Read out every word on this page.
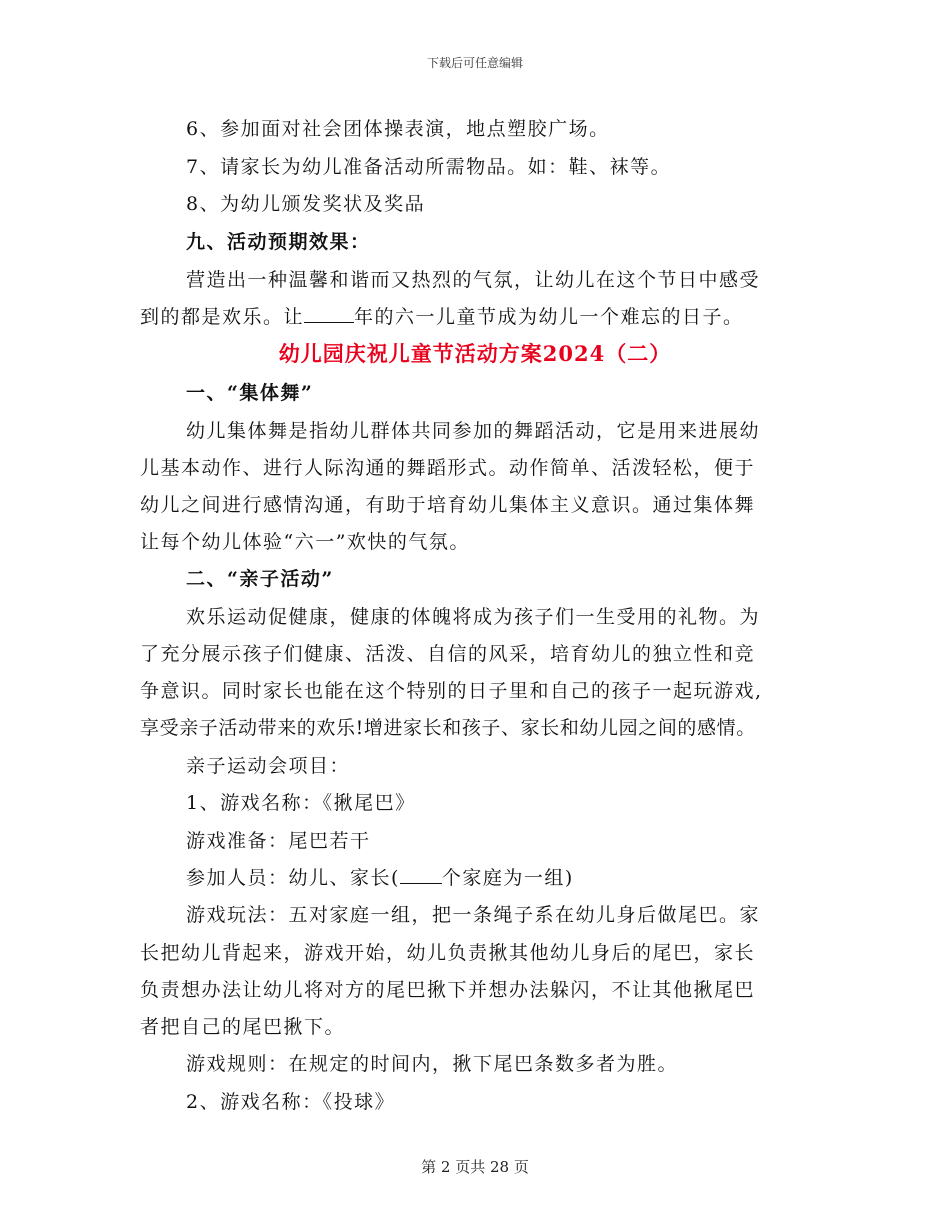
下载后可任意编辑
6、参加面对社会团体操表演，地点塑胶广场。
7、请家长为幼儿准备活动所需物品。如：鞋、袜等。
8、为幼儿颁发奖状及奖品
九、活动预期效果：
营造出一种温馨和谐而又热烈的气氛，让幼儿在这个节日中感受
到的都是欢乐。让	年的六一儿童节成为幼儿一个难忘的日子。
幼儿园庆祝儿童节活动方案2024（二）
一、“集体舞”
幼儿集体舞是指幼儿群体共同参加的舞蹈活动，它是用来进展幼
儿基本动作、进行人际沟通的舞蹈形式。动作简单、活泼轻松，便于
幼儿之间进行感情沟通，有助于培育幼儿集体主义意识。通过集体舞
让每个幼儿体验“六一”欢快的气氛。
二、“亲子活动”
欢乐运动促健康，健康的体魄将成为孩子们一生受用的礼物。为
了充分展示孩子们健康、活泼、自信的风采，培育幼儿的独立性和竞
争意识。同时家长也能在这个特别的日子里和自己的孩子一起玩游戏,
享受亲子活动带来的欢乐!增进家长和孩子、家长和幼儿园之间的感情。
亲子运动会项目：
1、游戏名称：《揪尾巴》
游戏准备：尾巴若干
参加人员：幼儿、家长( 个家庭为一组)
游戏玩法：五对家庭一组，把一条绳子系在幼儿身后做尾巴。家
长把幼儿背起来，游戏开始，幼儿负责揪其他幼儿身后的尾巴，家长
负责想办法让幼儿将对方的尾巴揪下并想办法躲闪，不让其他揪尾巴
者把自己的尾巴揪下。
游戏规则：在规定的时间内，揪下尾巴条数多者为胜。
2、游戏名称：《投球》
第 2 页共 28 页
